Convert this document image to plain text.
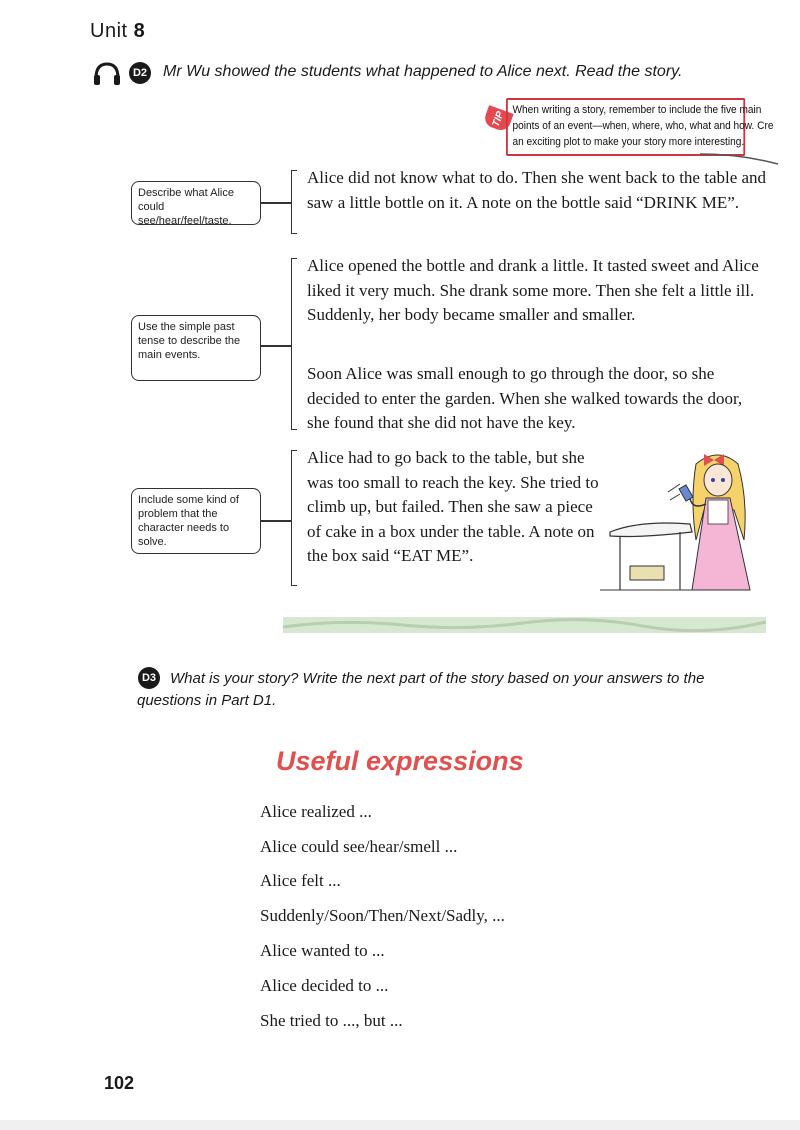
Unit 8
D2 Mr Wu showed the students what happened to Alice next. Read the story.
TIP When writing a story, remember to include the five main
points of an event—when, where, who, what and how. Cre
an exciting plot to make your story more interesting.
Describe what Alice could see/hear/feel/taste.
Use the simple past tense to describe the main events.
Include some kind of problem that the character needs to solve.
Alice did not know what to do. Then she went back to the table and saw a little bottle on it. A note on the bottle said “DRINK ME”.
Alice opened the bottle and drank a little. It tasted sweet and Alice liked it very much. She drank some more. Then she felt a little ill. Suddenly, her body became smaller and smaller.
Soon Alice was small enough to go through the door, so she decided to enter the garden. When she walked towards the door, she found that she did not have the key.
Alice had to go back to the table, but she was too small to reach the key. She tried to climb up, but failed. Then she saw a piece of cake in a box under the table. A note on the box said “EAT ME”.
D3 What is your story? Write the next part of the story based on your answers to the questions in Part D1.
Useful expressions
Alice realized ...
Alice could see/hear/smell ...
Alice felt ...
Suddenly/Soon/Then/Next/Sadly, ...
Alice wanted to ...
Alice decided to ...
She tried to ..., but ...
102
